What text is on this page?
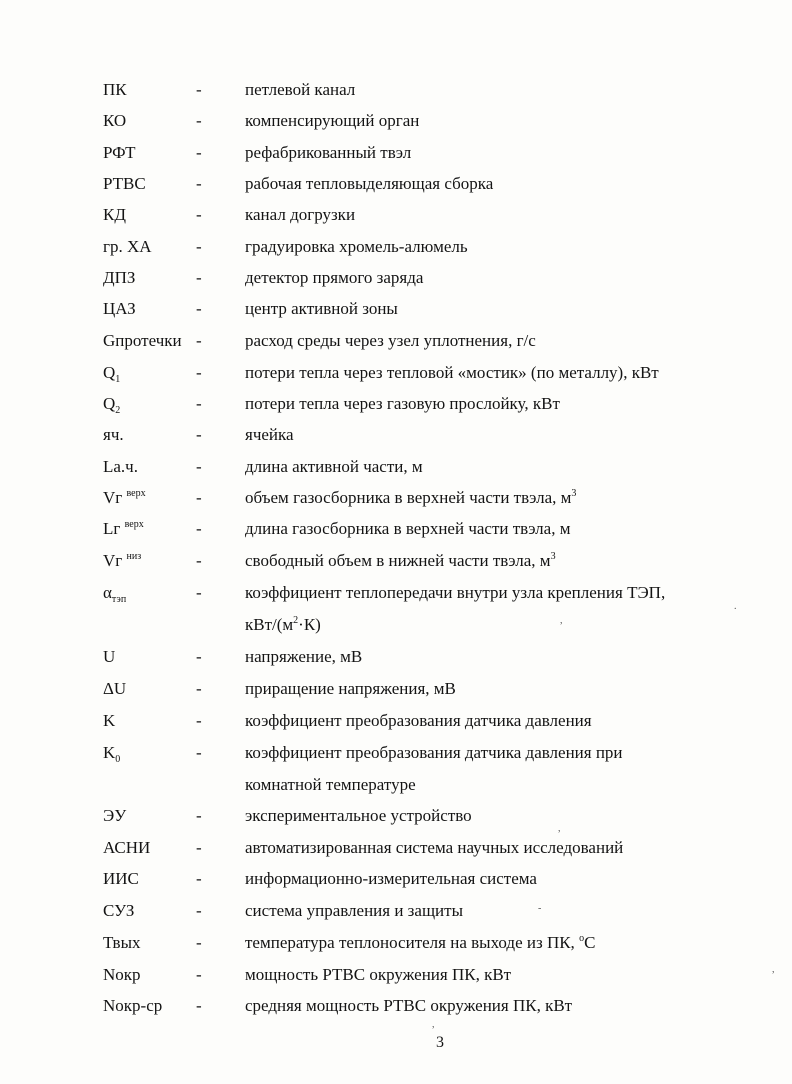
ПК	-	петлевой канал
КО	-	компенсирующий орган
РФТ	-	рефабрикованный твэл
РТВС	-	рабочая тепловыделяющая сборка
КД	-	канал догрузки
гр. ХА	-	градуировка хромель-алюмель
ДПЗ	-	детектор прямого заряда
ЦАЗ	-	центр активной зоны
Gпротечки -	расход среды через узел уплотнения, г/с
$Q_1$	-	потери тепла через тепловой «мостик» (по металлу), кВт
$Q_2$	-	потери тепла через газовую прослойку, кВт
яч.	-	ячейка
La.ч.	-	длина активной части, м
Vг $^{верх}$	-	объем газосборника в верхней части твэла, $м^3$
Lг $^{верх}$	-	длина газосборника в верхней части твэла, м
Vг $^{низ}$	-	свободный объем в нижней части твэла, $м^3$
$\alpha_{тэп}$	-	коэффициент теплопередачи внутри узла крепления ТЭП,
кВт/$(м^2\cdot К)$
U	-	напряжение, мВ
ΔU	-	приращение напряжения, мВ
K	-	коэффициент преобразования датчика давления
$K_0$	-	коэффициент преобразования датчика давления при
комнатной температуре
ЭУ	-	экспериментальное устройство
АСНИ	-	автоматизированная система научных исследований
ИИС	-	информационно-измерительная система
СУЗ	-	система управления и защиты
Твых	-	температура теплоносителя на выходе из ПК, $^о$С
Nокр	-	мощность РТВС окружения ПК, кВт
Nокр-ср -	средняя мощность РТВС окружения ПК, кВт
3
.
,
,
-
,
,
